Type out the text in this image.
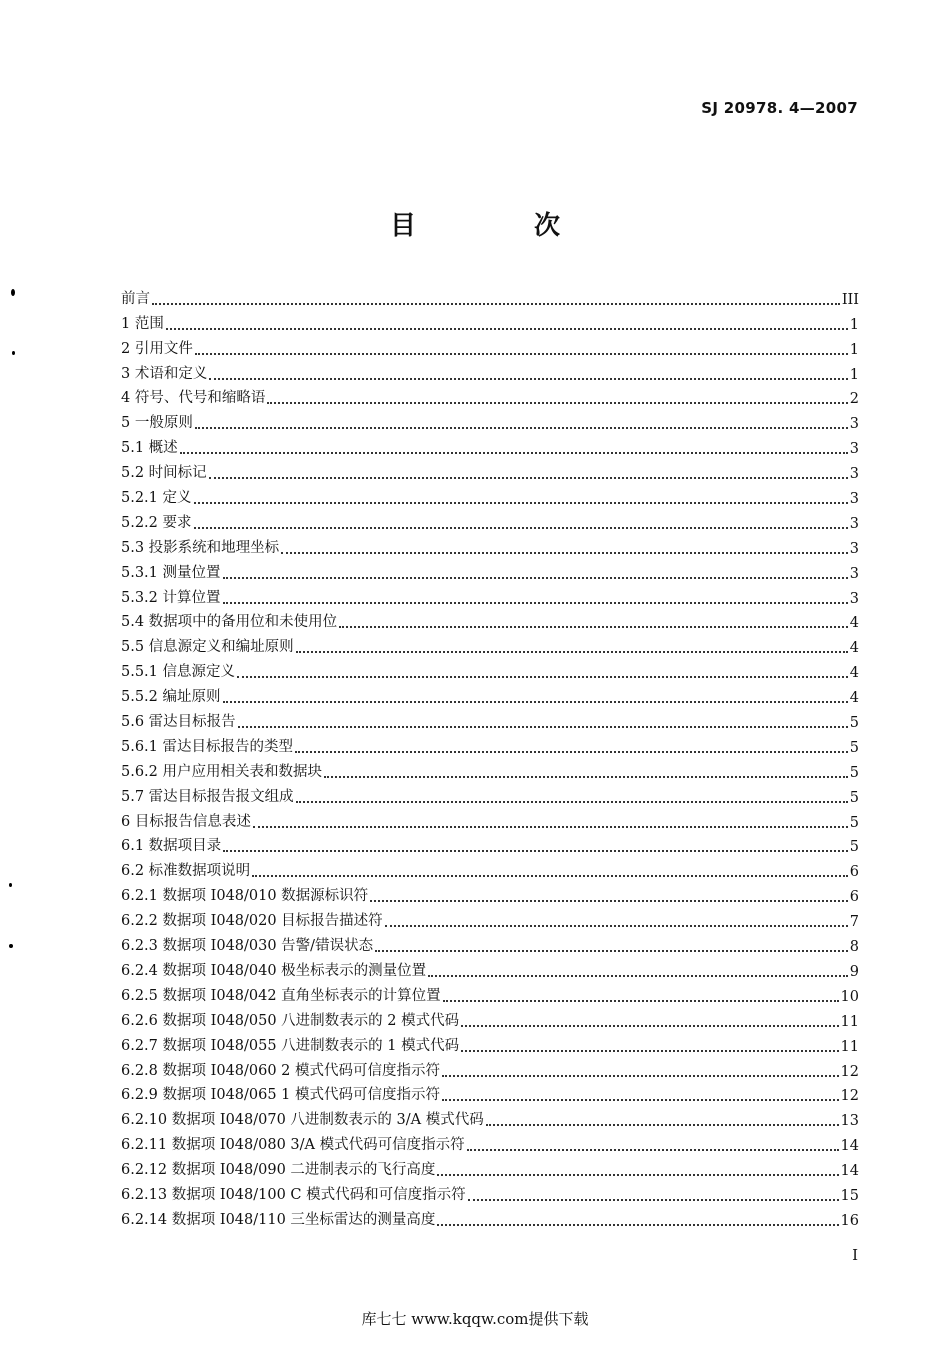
SJ 20978. 4—2007
目　次
前言	III
1 范围	1
2 引用文件	1
3 术语和定义	1
4 符号、代号和缩略语	2
5 一般原则	3
5.1 概述	3
5.2 时间标记	3
5.2.1 定义	3
5.2.2 要求	3
5.3 投影系统和地理坐标	3
5.3.1 测量位置	3
5.3.2 计算位置	3
5.4 数据项中的备用位和未使用位	4
5.5 信息源定义和编址原则	4
5.5.1 信息源定义	4
5.5.2 编址原则	4
5.6 雷达目标报告	5
5.6.1 雷达目标报告的类型	5
5.6.2 用户应用相关表和数据块	5
5.7 雷达目标报告报文组成	5
6 目标报告信息表述	5
6.1 数据项目录	5
6.2 标准数据项说明	6
6.2.1 数据项 I048/010 数据源标识符	6
6.2.2 数据项 I048/020 目标报告描述符	7
6.2.3 数据项 I048/030 告警/错误状态	8
6.2.4 数据项 I048/040 极坐标表示的测量位置	9
6.2.5 数据项 I048/042 直角坐标表示的计算位置	10
6.2.6 数据项 I048/050 八进制数表示的 2 模式代码	11
6.2.7 数据项 I048/055 八进制数表示的 1 模式代码	11
6.2.8 数据项 I048/060 2 模式代码可信度指示符	12
6.2.9 数据项 I048/065 1 模式代码可信度指示符	12
6.2.10 数据项 I048/070 八进制数表示的 3/A 模式代码	13
6.2.11 数据项 I048/080 3/A 模式代码可信度指示符	14
6.2.12 数据项 I048/090 二进制表示的飞行高度	14
6.2.13 数据项 I048/100 C 模式代码和可信度指示符	15
6.2.14 数据项 I048/110 三坐标雷达的测量高度	16
I
库七七 www.kqqw.com提供下载
